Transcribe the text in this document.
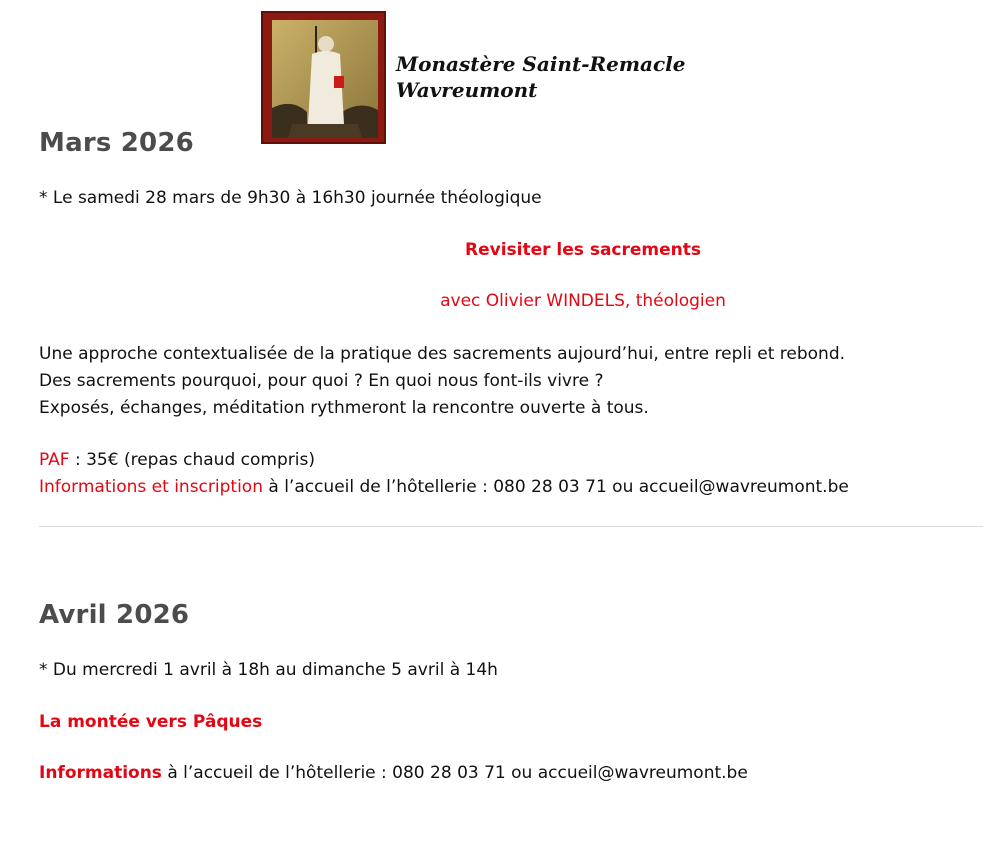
Monastère Saint-Remacle
Wavreumont
Mars 2026
* Le samedi 28 mars de 9h30 à 16h30 journée théologique
Revisiter les sacrements
avec Olivier WINDELS, théologien
Une approche contextualisée de la pratique des sacrements aujourd’hui, entre repli et rebond.
Des sacrements pourquoi, pour quoi ? En quoi nous font-ils vivre ?
Exposés, échanges, méditation rythmeront la rencontre ouverte à tous.
PAF : 35€ (repas chaud compris)
Informations et inscription à l’accueil de l’hôtellerie : 080 28 03 71 ou accueil@wavreumont.be
Avril 2026
* Du mercredi 1 avril à 18h au dimanche 5 avril à 14h
La montée vers Pâques
Informations à l’accueil de l’hôtellerie : 080 28 03 71 ou accueil@wavreumont.be
